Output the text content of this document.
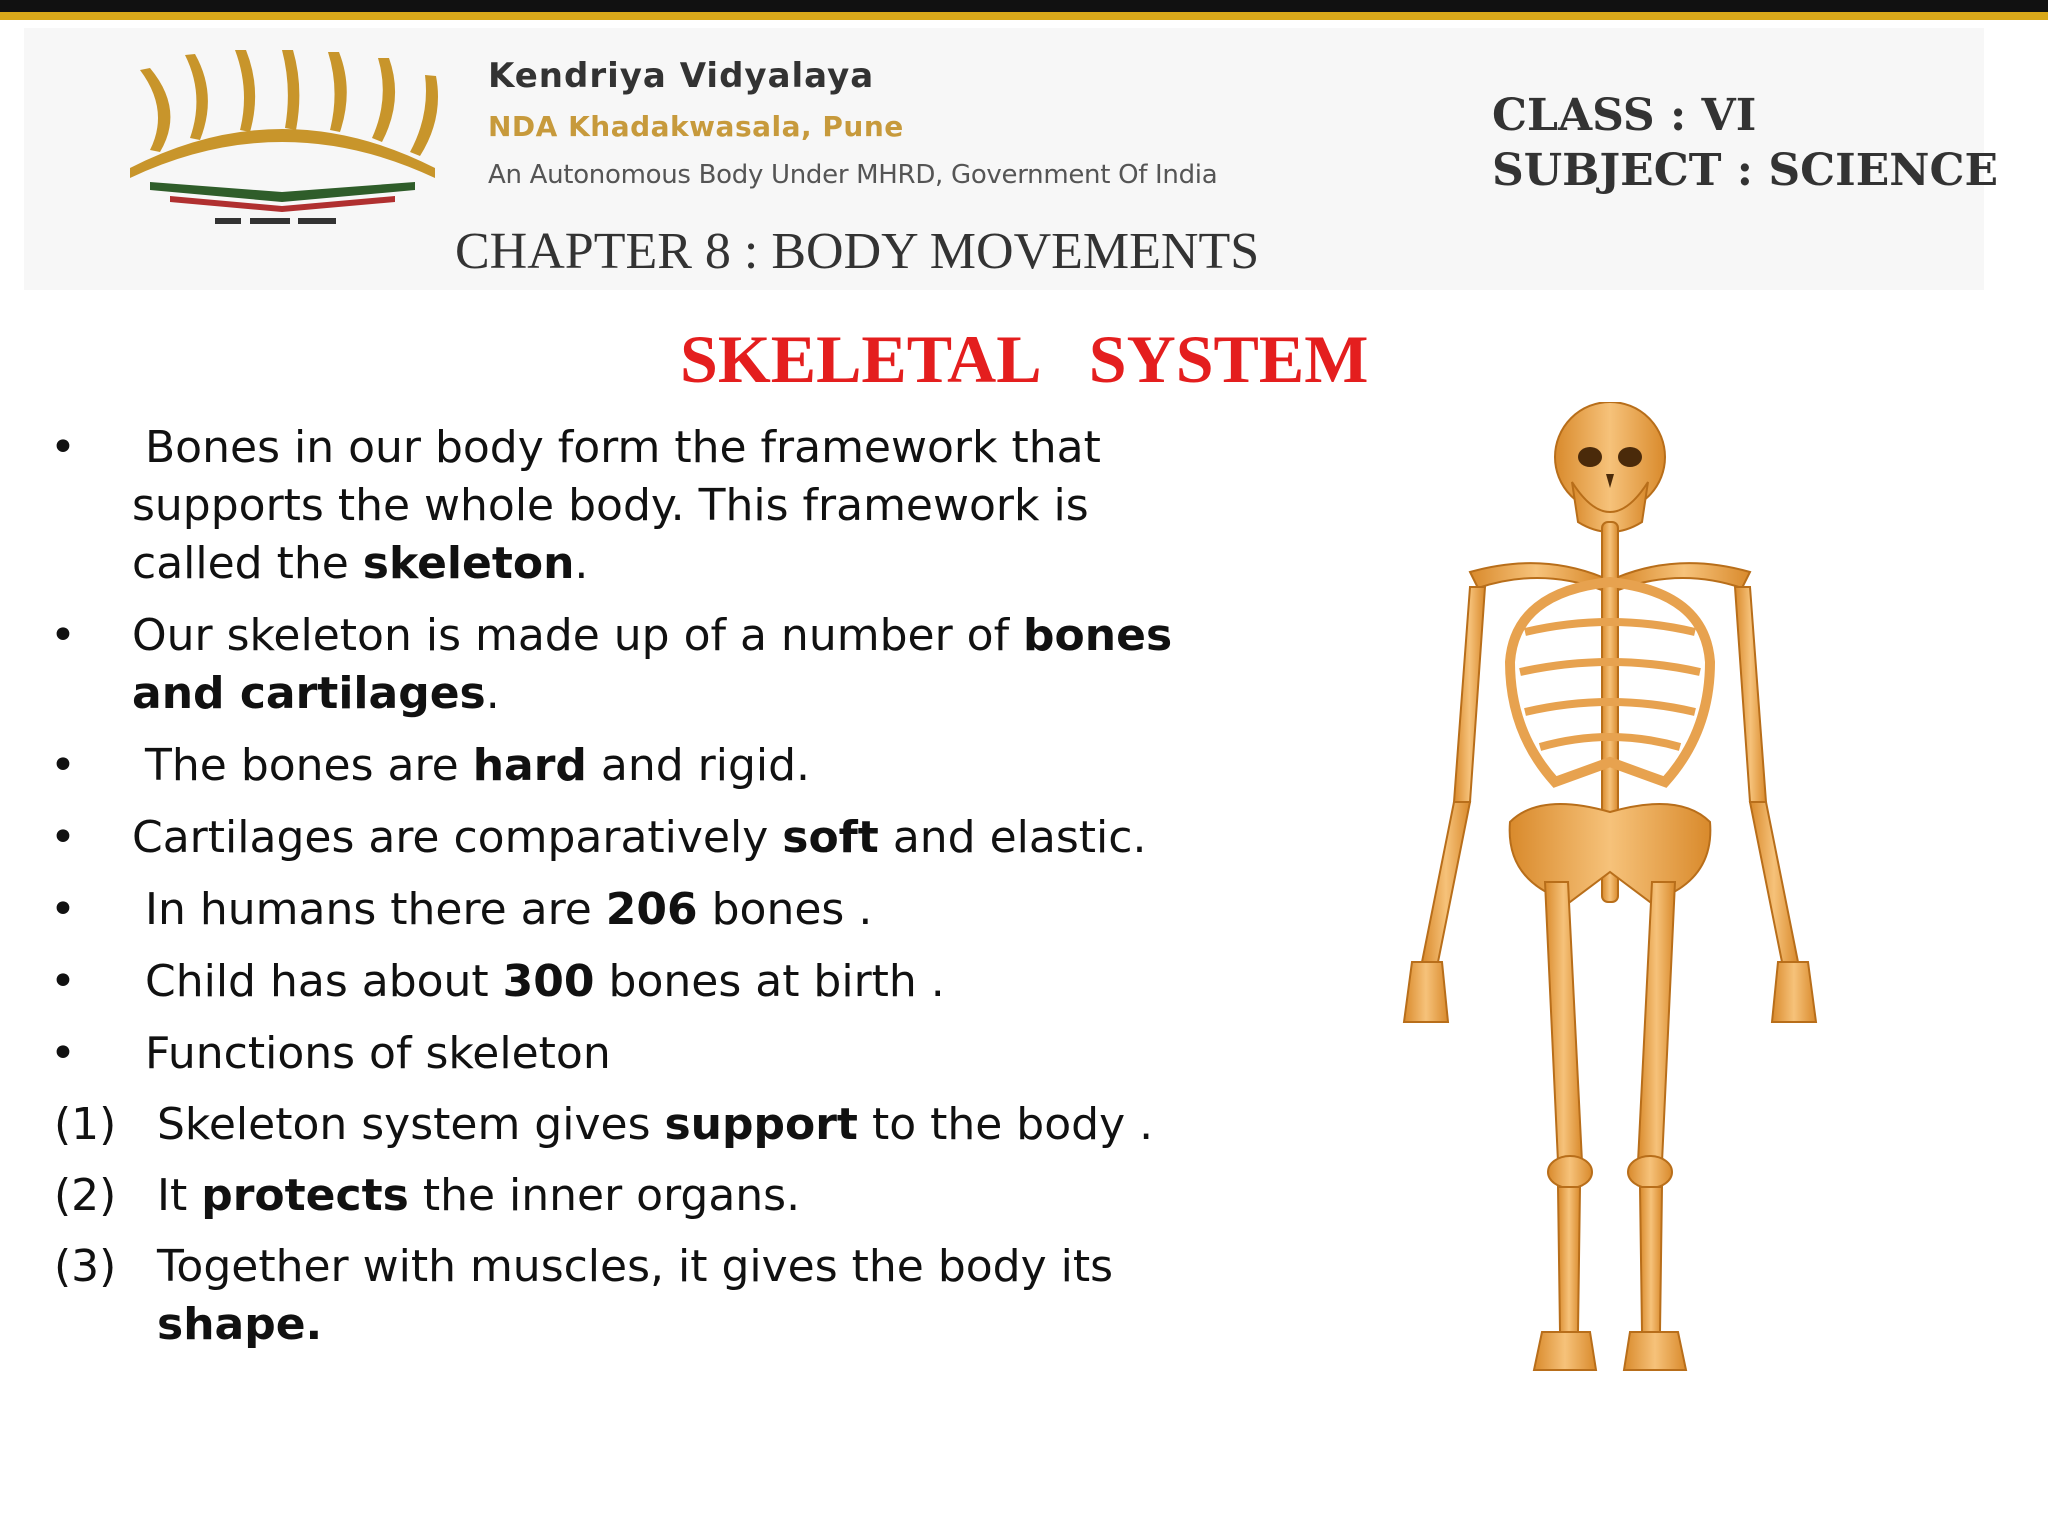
Kendriya Vidyalaya
NDA Khadakwasala, Pune
An Autonomous Body Under MHRD, Government Of India
CLASS : VI
SUBJECT : SCIENCE
CHAPTER 8 : BODY MOVEMENTS
SKELETAL   SYSTEM
• Bones in our body form the framework that
supports the whole body. This framework is
called the skeleton.
• Our skeleton is made up of a number of bones
and cartilages.
• The bones are hard and rigid.
• Cartilages are comparatively soft and elastic.
• In humans there are 206 bones .
• Child has about 300 bones at birth .
• Functions of skeleton
(1) Skeleton system gives support to the body .
(2) It protects the inner organs.
(3) Together with muscles, it gives the body its
shape.
